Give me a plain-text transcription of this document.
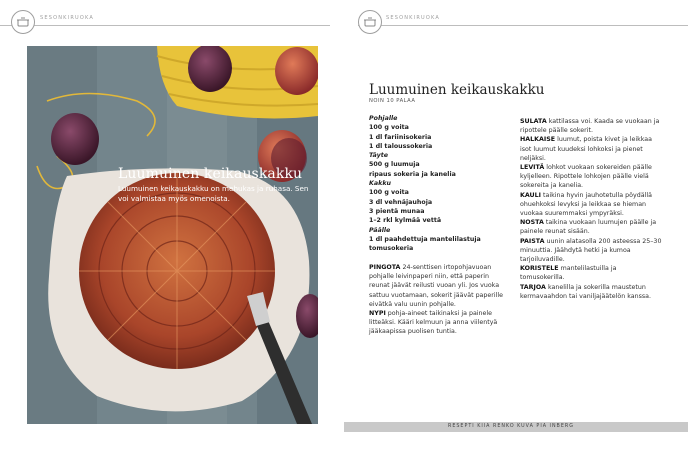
SESONKIRUOKA
Luumuinen keikauskakku
Luumuinen keikauskakku on mehukas ja ruhasa. Sen voi valmistaa myös omenoista.
SESONKIRUOKA
Luumuinen keikauskakku
NOIN 10 PALAA
Pohjalle
100 g voita
1 dl fariinisokeria
1 dl taloussokeria
Täyte
500 g luumuja
ripaus sokeria ja kanelia
Kakku
100 g voita
3 dl vehnäjauhoja
3 pientä munaa
1–2 rkl kylmää vettä
Päälle
1 dl paahdettuja mantelilastuja
tomusokeria

PINGOTA 24-senttisen irtopohjavuoan pohjalle leivinpaperi niin, että paperin reunat jäävät reilusti vuoan yli. Jos vuoka sattuu vuotamaan, sokerit jäävät paperille eivätkä valu uunin pohjalle.

NYPI pohja-aineet taikinaksi ja painele litteäksi. Kääri kelmuun ja anna viilentyä jääkaapissa puolisen tuntia.

SULATA kattilassa voi. Kaada se vuokaan ja ripottele päälle sokerit.

HALKAISE luumut, poista kivet ja leikkaa isot luumut kuudeksi lohkoksi ja pienet neljäksi.

LEVITÄ lohkot vuokaan sokereiden päälle kyljelleen. Ripottele lohkojen päälle vielä sokereita ja kanelia.

KAULI taikina hyvin jauhotetulla pöydällä ohuehkoksi levyksi ja leikkaa se hieman vuokaa suuremmaksi ympyräksi.

NOSTA taikina vuokaan luumujen päälle ja painele reunat sisään.

PAISTA uunin alatasolla 200 asteessa 25–30 minuuttia. Jäähdytä hetki ja kumoa tarjoiluvadille.

KORISTELE mantelilastuilla ja tomusokerilla.

TARJOA kanelilla ja sokerilla maustetun kermavaahdon tai vaniljajäätelön kanssa.

RESEPTI KIIA RENKO KUVA PIA INBERG
